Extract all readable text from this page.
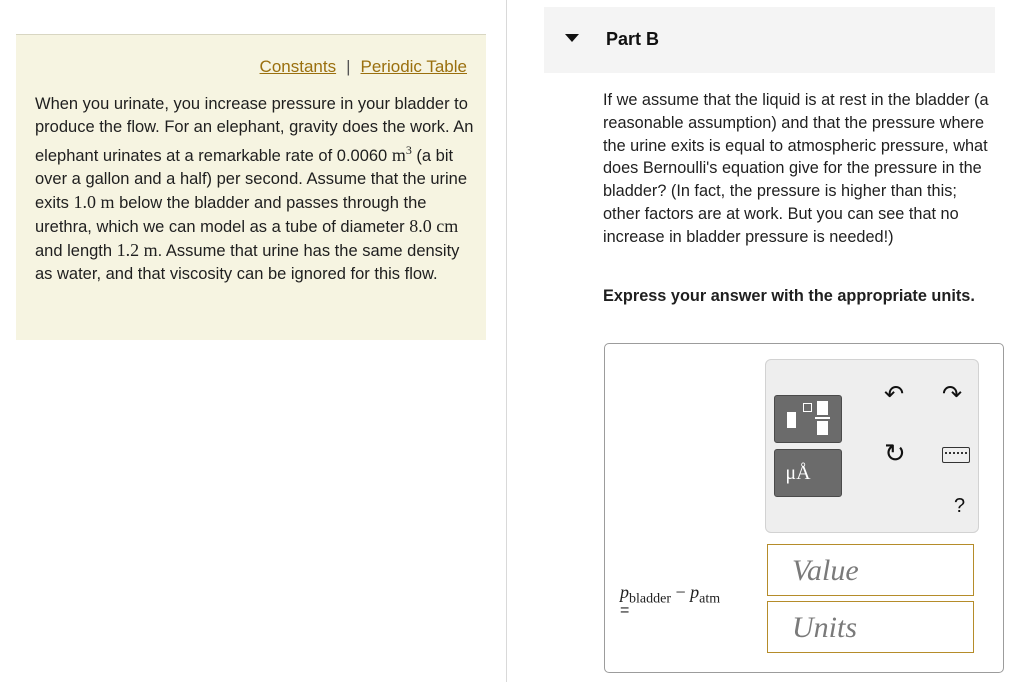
Constants | Periodic Table
When you urinate, you increase pressure in your bladder to produce the flow. For an elephant, gravity does the work. An elephant urinates at a remarkable rate of 0.0060 $m^3$ (a bit over a gallon and a half) per second. Assume that the urine exits 1.0 m below the bladder and passes through the urethra, which we can model as a tube of diameter 8.0 cm and length 1.2 m. Assume that urine has the same density as water, and that viscosity can be ignored for this flow.
Part B
If we assume that the liquid is at rest in the bladder (a reasonable assumption) and that the pressure where the urine exits is equal to atmospheric pressure, what does Bernoulli's equation give for the pressure in the bladder? (In fact, the pressure is higher than this; other factors are at work. But you can see that no increase in bladder pressure is needed!)
Express your answer with the appropriate units.
μÅ
↶ ↷
↻
?
$p_{bladder} - p_{atm}$
=
Value
Units
